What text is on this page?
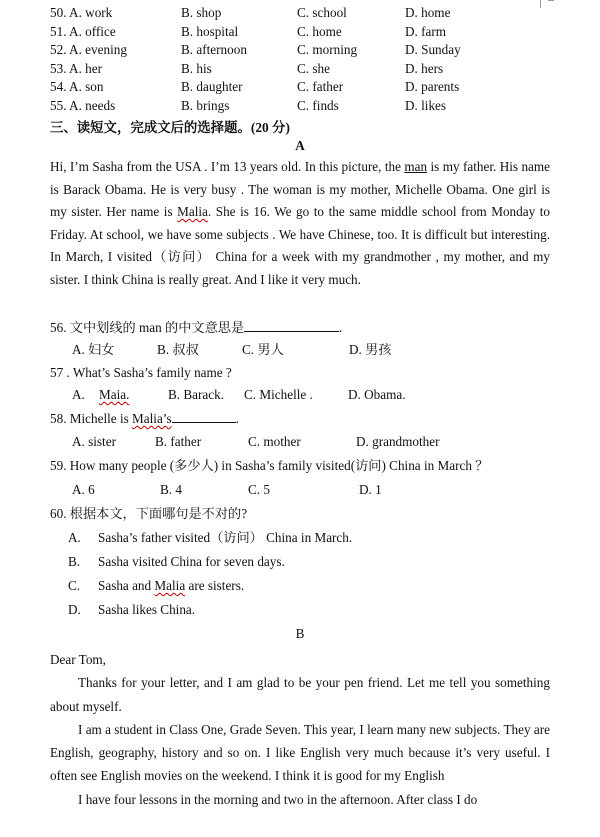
50. A. work	B. shop	C. school	D. home
51. A. office	B. hospital	C. home	D. farm
52. A. evening	B. afternoon	C. morning	D. Sunday
53. A. her	B. his	C. she	D. hers
54. A. son	B. daughter	C. father	D. parents
55. A. needs	B. brings	C. finds	D. likes
三、读短文，完成文后的选择题。(20 分)
A
Hi, I’m Sasha from the USA . I’m 13 years old. In this picture, the man is my father. His name is Barack Obama. He is very busy . The woman is my mother, Michelle Obama. One girl is my sister. Her name is Malia. She is 16. We go to the same middle school from Monday to Friday. At school, we have some subjects . We have Chinese, too. It is difficult but interesting. In March, I visited（访问） China for a week with my grandmother , my mother, and my sister. I think China is really great. And I like it very much.
56. 文中划线的 man 的中文意思是	.
A. 妇女	B. 叔叔	C. 男人	D. 男孩
57 . What’s Sasha’s family name ?
A. Maia.	B. Barack. C. Michelle .	D. Obama.
58. Michelle is Malia’s	.
A. sister	B. father	C. mother	D. grandmother
59. How many people (多少人) in Sasha’s family visited(访问) China in March ？
A. 6	B. 4	C. 5	D. 1
60. 根据本文，下面哪句是不对的?
A. Sasha’s father visited（访问） China in March.
B. Sasha visited China for seven days.
C. Sasha and Malia are sisters.
D. Sasha likes China.
B
Dear Tom,
Thanks for your letter, and I am glad to be your pen friend. Let me tell you something about myself.
I am a student in Class One, Grade Seven. This year, I learn many new subjects. They are English, geography, history and so on. I like English very much because it’s very useful. I often see English movies on the weekend. I think it is good for my English
I have four lessons in the morning and two in the afternoon. After class I do
